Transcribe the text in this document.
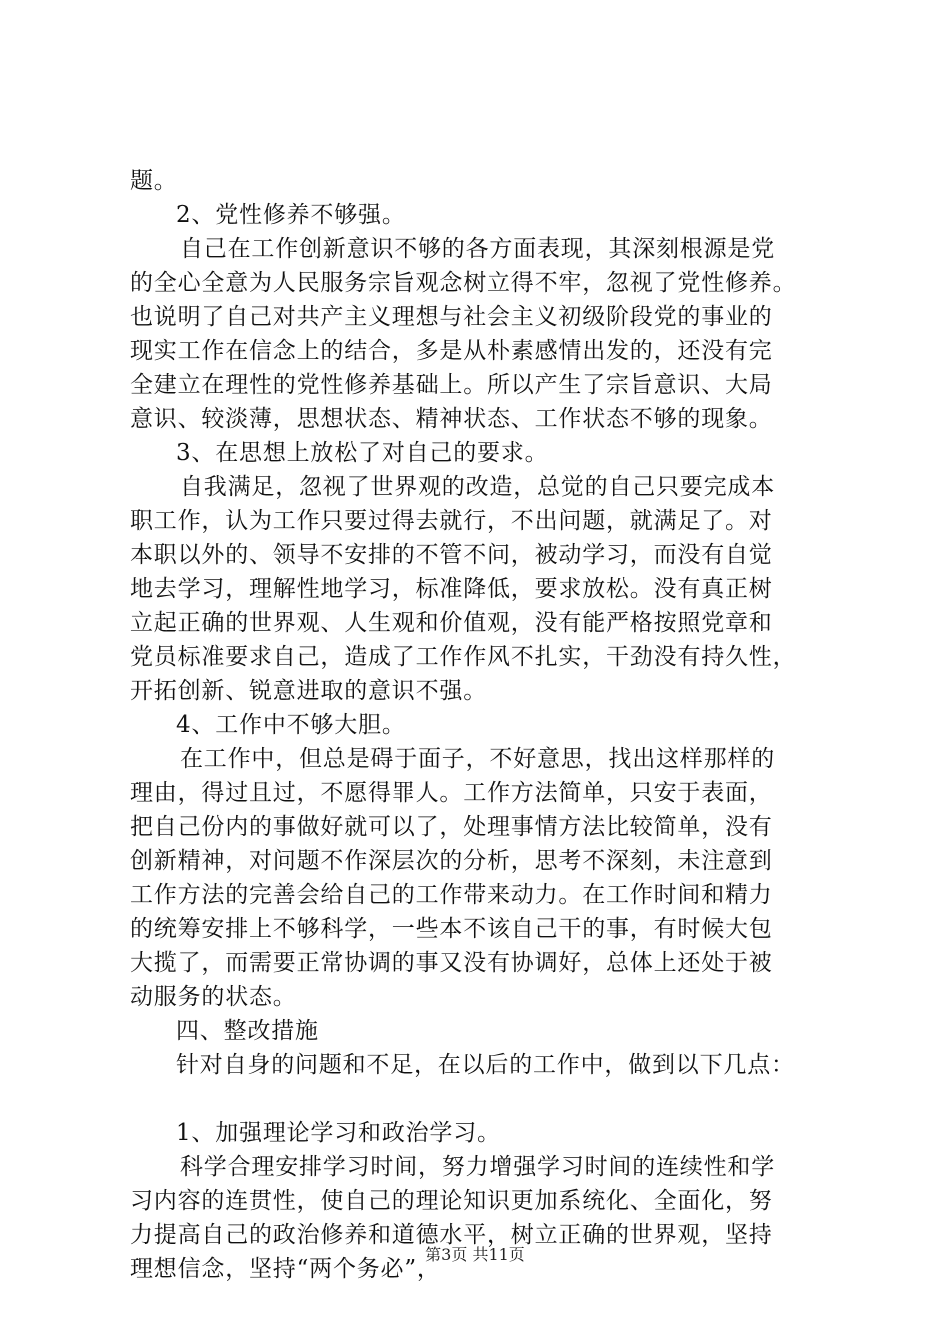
题。
2、党性修养不够强。
自己在工作创新意识不够的各方面表现，其深刻根源是党
的全心全意为人民服务宗旨观念树立得不牢，忽视了党性修养。
也说明了自己对共产主义理想与社会主义初级阶段党的事业的
现实工作在信念上的结合，多是从朴素感情出发的，还没有完
全建立在理性的党性修养基础上。所以产生了宗旨意识、大局
意识、较淡薄，思想状态、精神状态、工作状态不够的现象。
3、在思想上放松了对自己的要求。
自我满足，忽视了世界观的改造，总觉的自己只要完成本
职工作，认为工作只要过得去就行，不出问题，就满足了。对
本职以外的、领导不安排的不管不问，被动学习，而没有自觉
地去学习，理解性地学习，标准降低，要求放松。没有真正树
立起正确的世界观、人生观和价值观，没有能严格按照党章和
党员标准要求自己，造成了工作作风不扎实，干劲没有持久性，
开拓创新、锐意进取的意识不强。
4、工作中不够大胆。
在工作中，但总是碍于面子，不好意思，找出这样那样的
理由，得过且过，不愿得罪人。工作方法简单，只安于表面，
把自己份内的事做好就可以了，处理事情方法比较简单，没有
创新精神，对问题不作深层次的分析，思考不深刻，未注意到
工作方法的完善会给自己的工作带来动力。在工作时间和精力
的统筹安排上不够科学，一些本不该自己干的事，有时候大包
大揽了，而需要正常协调的事又没有协调好，总体上还处于被
动服务的状态。
四、整改措施
针对自身的问题和不足，在以后的工作中，做到以下几点：
1、加强理论学习和政治学习。
科学合理安排学习时间，努力增强学习时间的连续性和学
习内容的连贯性，使自己的理论知识更加系统化、全面化，努
力提高自己的政治修养和道德水平，树立正确的世界观，坚持
理想信念，坚持“两个务必”，
第3页 共11页
